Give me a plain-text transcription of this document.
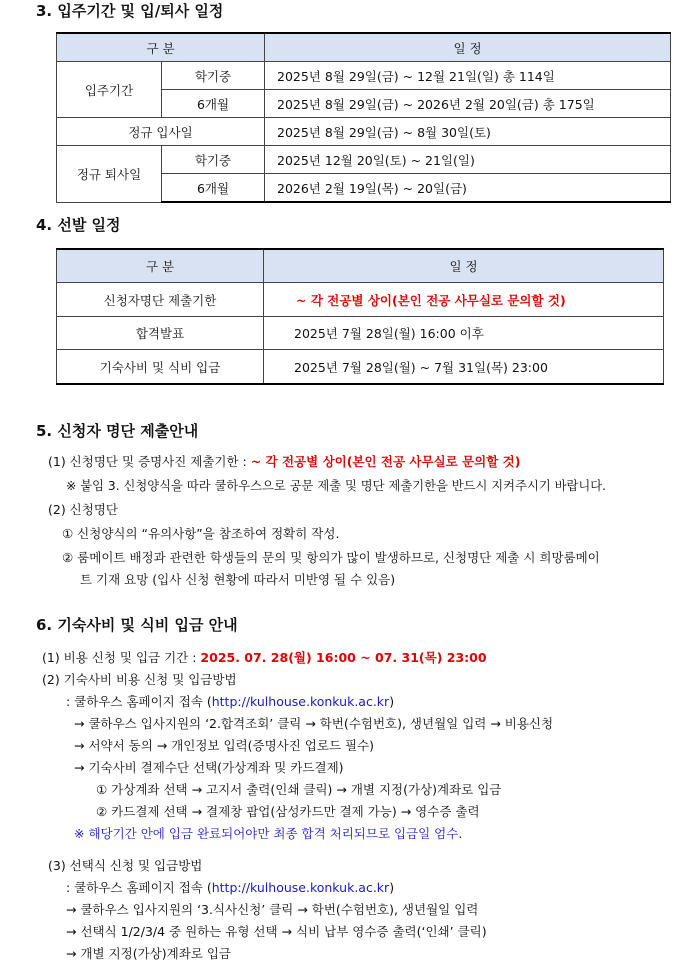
3. 입주기간 및 입/퇴사 일정
구 분		일 정
입주기간	학기중	2025년 8월 29일(금) ~ 12월 21일(일) 총 114일
	6개월	2025년 8월 29일(금) ~ 2026년 2월 20일(금) 총 175일
정규 입사일		2025년 8월 29일(금) ~ 8월 30일(토)
정규 퇴사일	학기중	2025년 12월 20일(토) ~ 21일(일)
	6개월	2026년 2월 19일(목) ~ 20일(금)
4. 선발 일정
구 분	일 정
신청자명단 제출기한	~ 각 전공별 상이(본인 전공 사무실로 문의할 것)
합격발표	2025년 7월 28일(월) 16:00 이후
기숙사비 및 식비 입금	2025년 7월 28일(월) ~ 7월 31일(목) 23:00
5. 신청자 명단 제출안내

(1) 신청명단 및 증명사진 제출기한 : ~ 각 전공별 상이(본인 전공 사무실로 문의할 것)

※ 붙임 3. 신청양식을 따라 쿨하우스으로 공문 제출 및 명단 제출기한을 반드시 지켜주시기 바랍니다.

(2) 신청명단

① 신청양식의 “유의사항”을 참조하여 정확히 작성.

② 룸메이트 배정과 관련한 학생들의 문의 및 항의가 많이 발생하므로, 신청명단 제출 시 희망룸메이

트 기재 요망 (입사 신청 현황에 따라서 미반영 될 수 있음)

6. 기숙사비 및 식비 입금 안내

(1) 비용 신청 및 입금 기간 : 2025. 07. 28(월) 16:00 ~ 07. 31(목) 23:00

(2) 기숙사비 비용 신청 및 입금방법

: 쿨하우스 홈페이지 접속 (http://kulhouse.konkuk.ac.kr)

→ 쿨하우스 입사지원의 ‘2.합격조회’ 클릭 → 학번(수험번호), 생년월일 입력 → 비용신청

→ 서약서 동의 → 개인정보 입력(증명사진 업로드 필수)

→ 기숙사비 결제수단 선택(가상계좌 및 카드결제)

① 가상계좌 선택 → 고지서 출력(인쇄 클릭) → 개별 지정(가상)계좌로 입금

② 카드결제 선택 → 결제창 팝업(삼성카드만 결제 가능) → 영수증 출력

※ 해당기간 안에 입금 완료되어야만 최종 합격 처리되므로 입금일 엄수.

(3) 선택식 신청 및 입금방법

: 쿨하우스 홈페이지 접속 (http://kulhouse.konkuk.ac.kr)

→ 쿨하우스 입사지원의 ‘3.식사신청’ 클릭 → 학번(수험번호), 생년월일 입력

→ 선택식 1/2/3/4 중 원하는 유형 선택 → 식비 납부 영수증 출력(‘인쇄’ 클릭)

→ 개별 지정(가상)계좌로 입금
